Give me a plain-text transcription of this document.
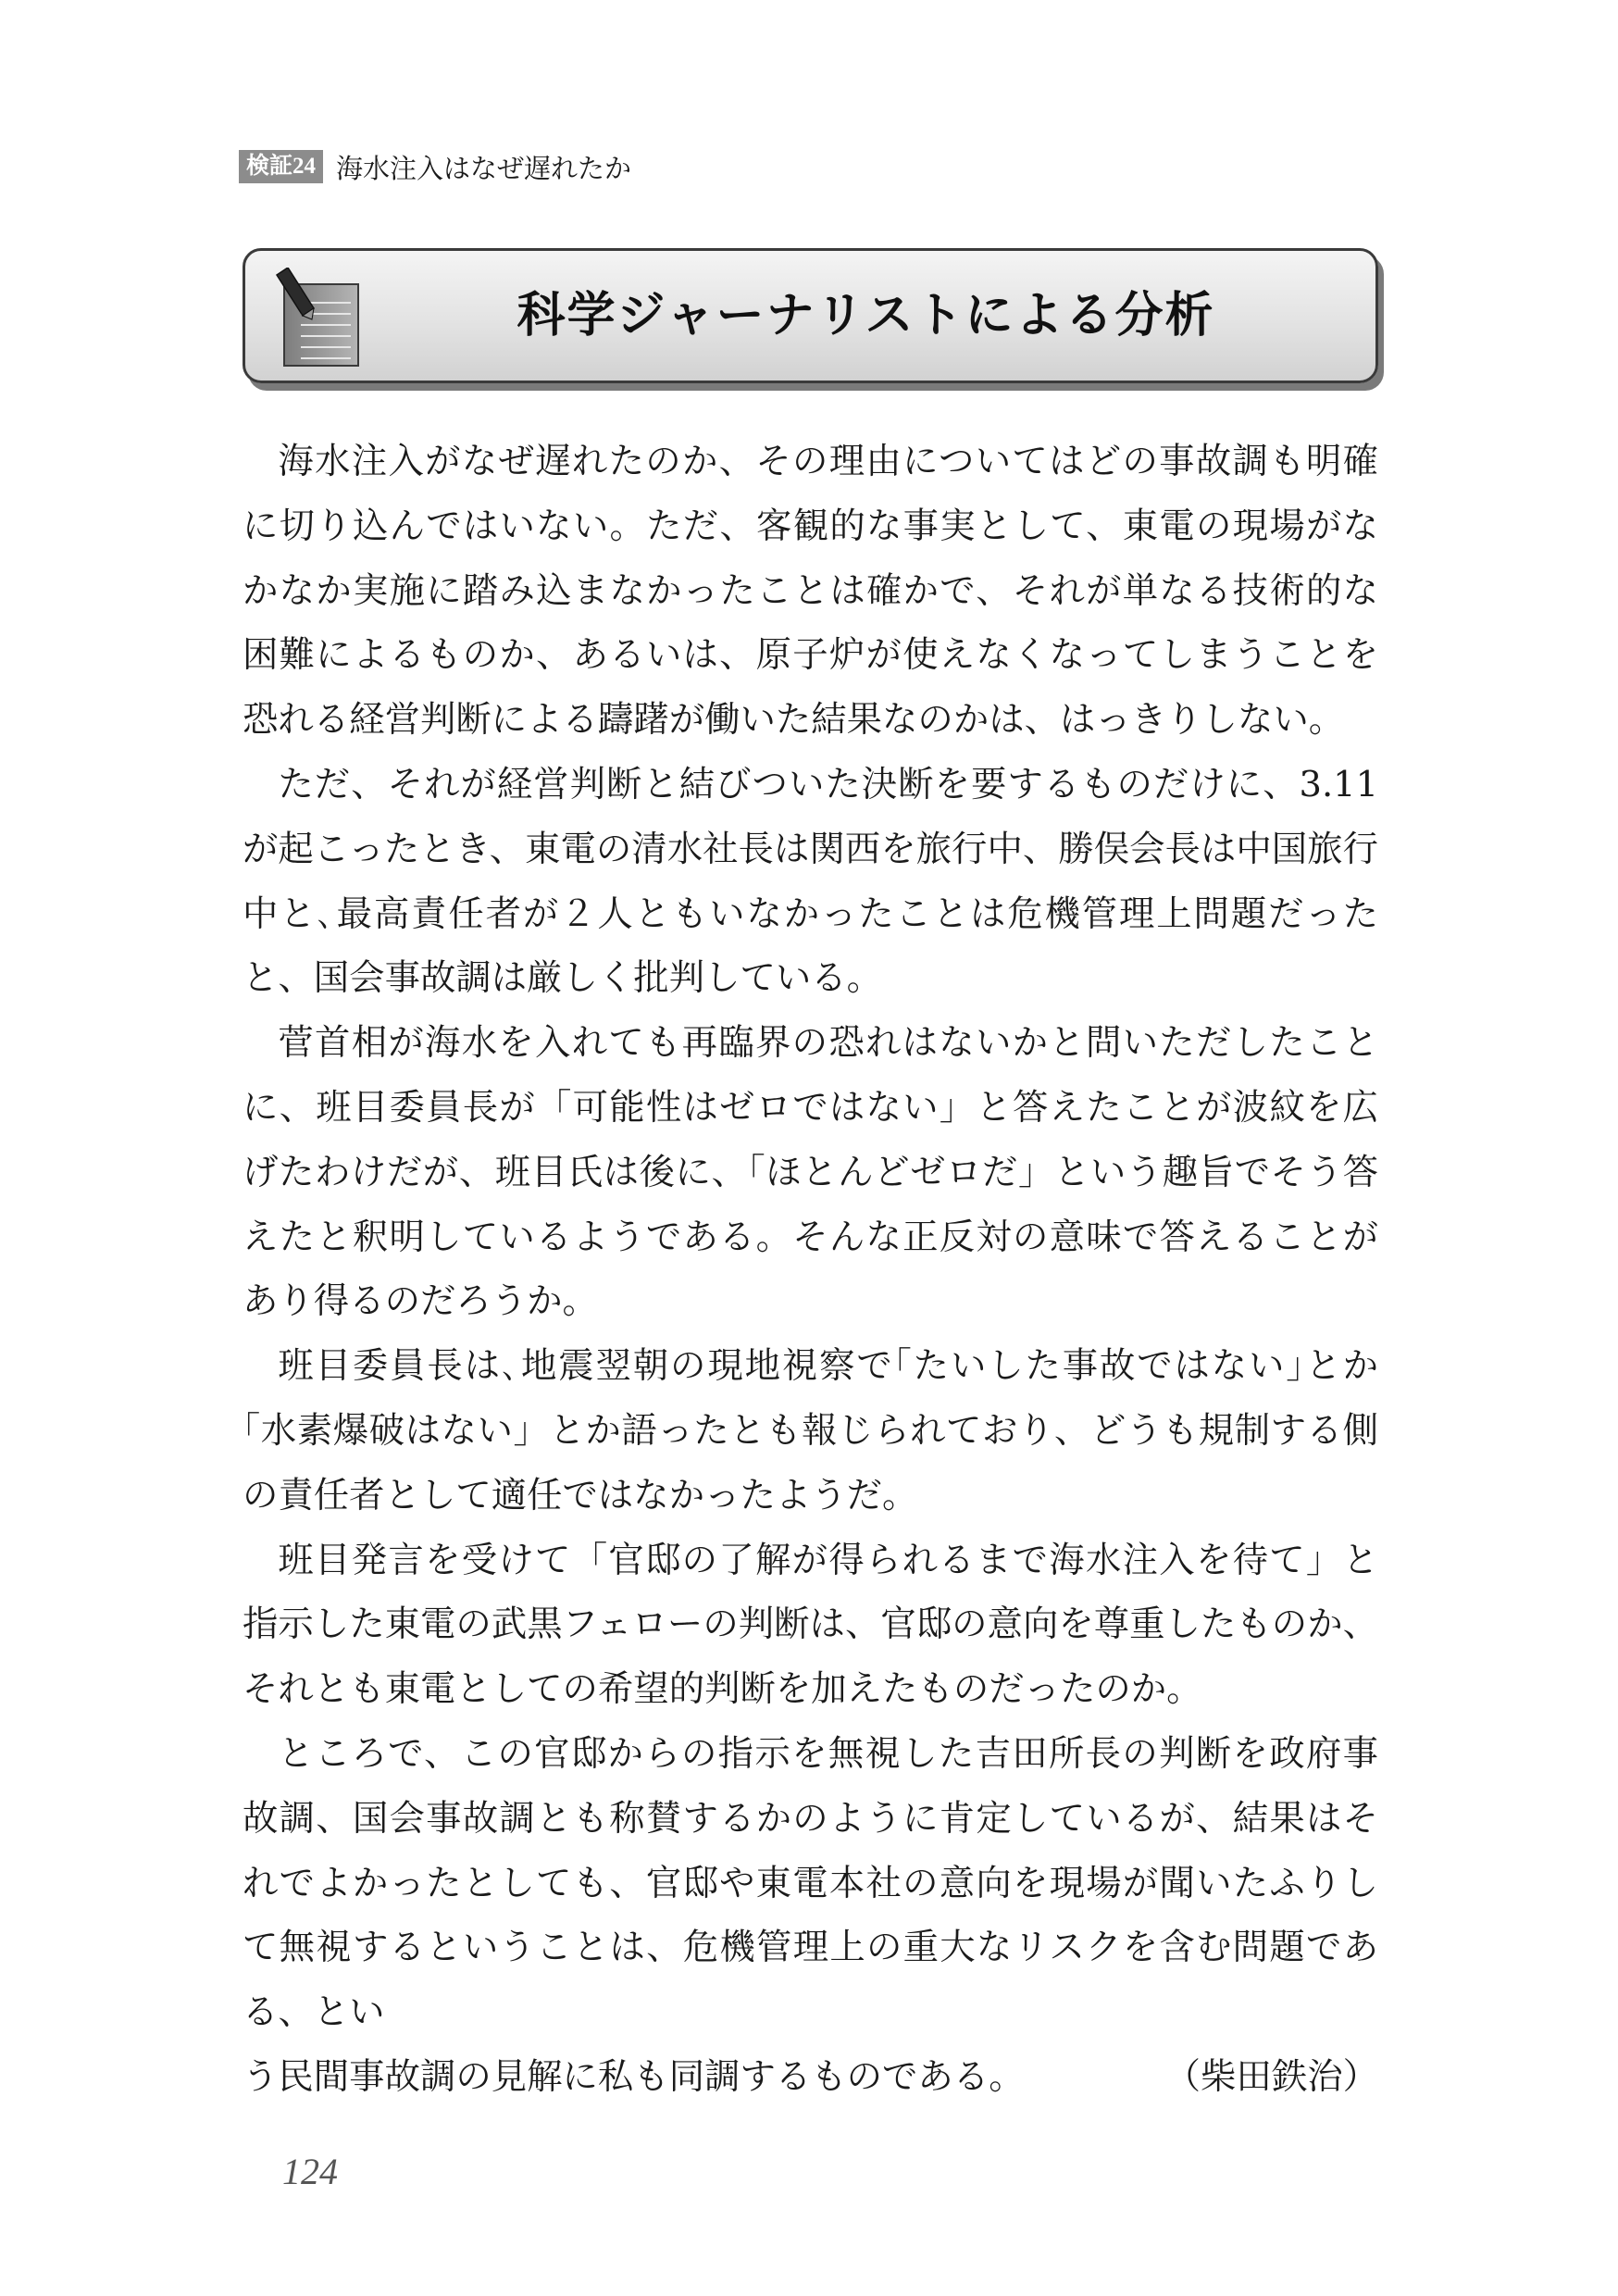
検証24 海水注入はなぜ遅れたか
科学ジャーナリストによる分析

海水注入がなぜ遅れたのか、その理由についてはどの事故調も明確に切り込んではいない。ただ、客観的な事実として、東電の現場がなかなか実施に踏み込まなかったことは確かで、それが単なる技術的な困難によるものか、あるいは、原子炉が使えなくなってしまうことを恐れる経営判断による躊躇が働いた結果なのかは、はっきりしない。

ただ、それが経営判断と結びついた決断を要するものだけに、3.11が起こったとき、東電の清水社長は関西を旅行中、勝俣会長は中国旅行中と､最高責任者が２人ともいなかったことは危機管理上問題だったと、国会事故調は厳しく批判している。

菅首相が海水を入れても再臨界の恐れはないかと問いただしたことに、班目委員長が「可能性はゼロではない」と答えたことが波紋を広げたわけだが、班目氏は後に、「ほとんどゼロだ」という趣旨でそう答えたと釈明しているようである。そんな正反対の意味で答えることがあり得るのだろうか。

班目委員長は､地震翌朝の現地視察で｢たいした事故ではない｣とか｢水素爆破はない」とか語ったとも報じられており、どうも規制する側の責任者として適任ではなかったようだ。

班目発言を受けて「官邸の了解が得られるまで海水注入を待て」と指示した東電の武黒フェローの判断は、官邸の意向を尊重したものか、それとも東電としての希望的判断を加えたものだったのか。

ところで、この官邸からの指示を無視した吉田所長の判断を政府事故調、国会事故調とも称賛するかのように肯定しているが、結果はそれでよかったとしても、官邸や東電本社の意向を現場が聞いたふりして無視するということは、危機管理上の重大なリスクを含む問題である、とい

う民間事故調の見解に私も同調するものである。	（柴田鉄治）
124
